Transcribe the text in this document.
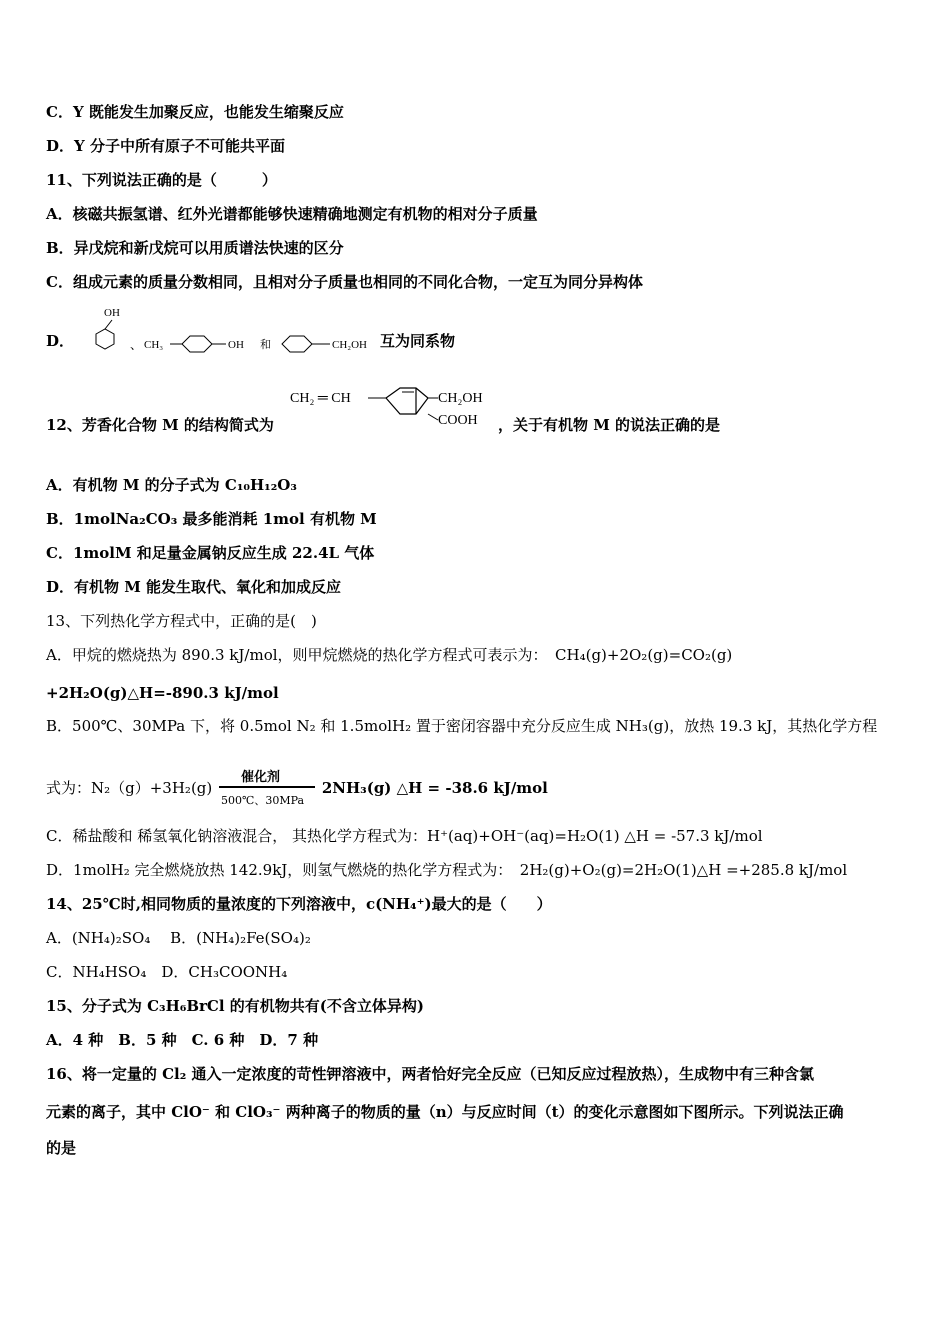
C．Y 既能发生加聚反应，也能发生缩聚反应
D．Y 分子中所有原子不可能共平面
11、下列说法正确的是（　　　）
A．核磁共振氢谱、红外光谱都能够快速精确地测定有机物的相对分子质量
B．异戊烷和新戊烷可以用质谱法快速的区分
C．组成元素的质量分数相同，且相对分子质量也相同的不同化合物，一定互为同分异构体
D．
OH
、 CH₃	OH 和	CH₂OH 互为同系物
12、芳香化合物 M 的结构简式为
CH₂ ═ CH	CH₂OH
COOH ，关于有机物 M 的说法正确的是
A．有机物 M 的分子式为 C₁₀H₁₂O₃
B．1molNa₂CO₃ 最多能消耗 1mol 有机物 M
C．1molM 和足量金属钠反应生成 22.4L 气体
D．有机物 M 能发生取代、氧化和加成反应
13、下列热化学方程式中，正确的是(　)
A．甲烷的燃烧热为 890.3 kJ/mol，则甲烷燃烧的热化学方程式可表示为：　CH₄(g)+2O₂(g)=CO₂(g)
+2H₂O(g)△H=-890.3 kJ/mol
B．500℃、30MPa 下，将 0.5mol N₂ 和 1.5molH₂ 置于密闭容器中充分反应生成 NH₃(g)，放热 19.3 kJ，其热化学方程
式为：N₂（g）+3H₂(g)
催化剂
500℃、30MPa
2NH₃(g) △H = -38.6 kJ/mol
C．稀盐酸和 稀氢氧化钠溶液混合， 其热化学方程式为：H⁺(aq)+OH⁻(aq)=H₂O(1) △H = -57.3 kJ/mol
D．1molH₂ 完全燃烧放热 142.9kJ，则氢气燃烧的热化学方程式为：　2H₂(g)+O₂(g)=2H₂O(1)△H =+285.8 kJ/mol
14、25℃时,相同物质的量浓度的下列溶液中，c(NH₄⁺)最大的是（　　）
A．(NH₄)₂SO₄　 B．(NH₄)₂Fe(SO₄)₂
C．NH₄HSO₄　D．CH₃COONH₄
15、分子式为 C₃H₆BrCl 的有机物共有(不含立体异构)
A．4 种　B．5 种　C. 6 种　D．7 种
16、将一定量的 Cl₂ 通入一定浓度的苛性钾溶液中，两者恰好完全反应（已知反应过程放热），生成物中有三种含氯
元素的离子，其中 ClO⁻ 和 ClO₃⁻ 两种离子的物质的量（n）与反应时间（t）的变化示意图如下图所示。下列说法正确
的是
